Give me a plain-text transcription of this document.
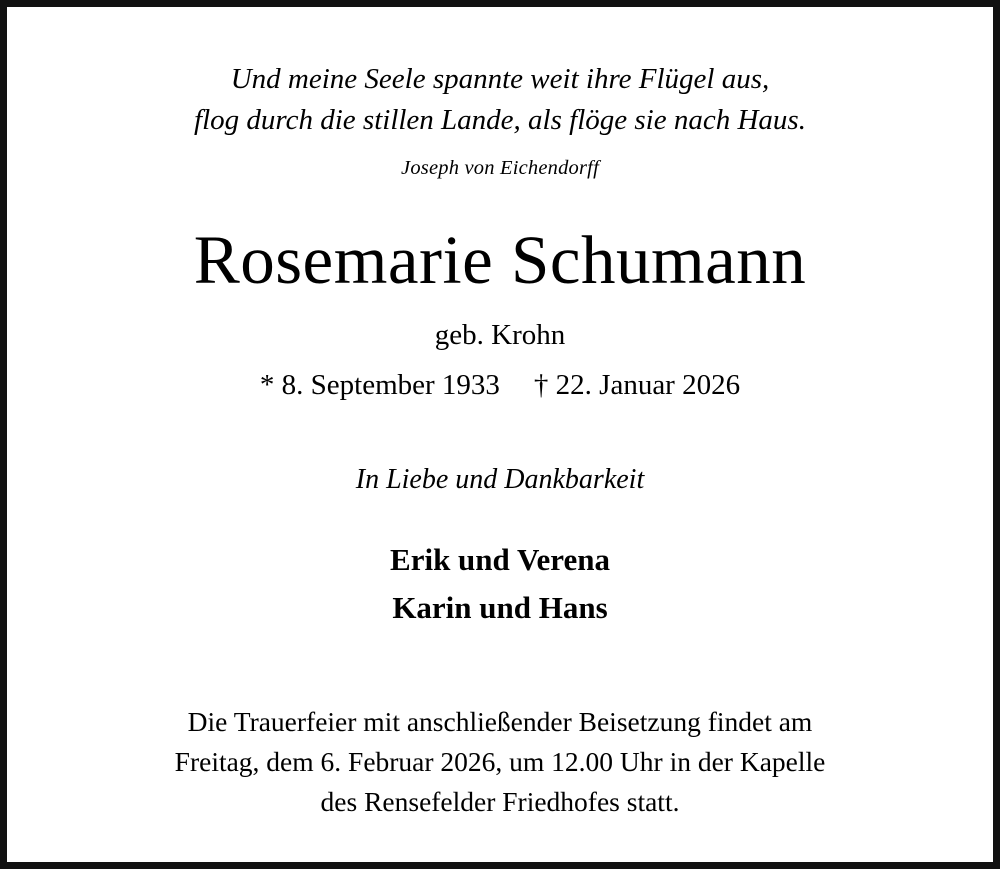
Und meine Seele spannte weit ihre Flügel aus,
flog durch die stillen Lande, als flöge sie nach Haus.
Joseph von Eichendorff
Rosemarie Schumann
geb. Krohn
* 8. September 1933 † 22. Januar 2026
In Liebe und Dankbarkeit
Erik und Verena
Karin und Hans
Die Trauerfeier mit anschließender Beisetzung findet am
Freitag, dem 6. Februar 2026, um 12.00 Uhr in der Kapelle
des Rensefelder Friedhofes statt.
